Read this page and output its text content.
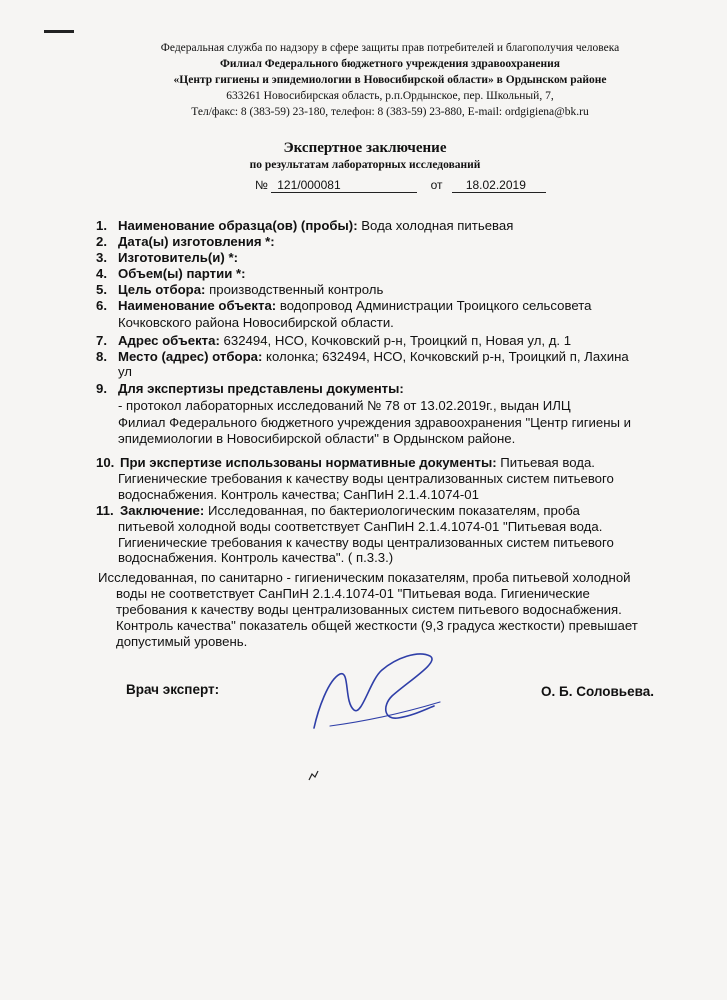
Федеральная служба по надзору в сфере защиты прав потребителей и благополучия человека
Филиал Федерального бюджетного учреждения здравоохранения
«Центр гигиены и эпидемиологии в Новосибирской области» в Ордынском районе
633261 Новосибирская область, р.п.Ордынское, пер. Школьный, 7,
Тел/факс: 8 (383-59) 23-180, телефон: 8 (383-59) 23-880, E-mail: ordgigiena@bk.ru
Экспертное заключение
по результатам лабораторных исследований
№ 121/000081	от 18.02.2019
1. Наименование образца(ов) (пробы): Вода холодная питьевая
2. Дата(ы) изготовления *:
3. Изготовитель(и) *:
4. Объем(ы) партии *:
5. Цель отбора: производственный контроль
6. Наименование объекта: водопровод Администрации Троицкого сельсовета
Кочковского района Новосибирской области.
7. Адрес объекта: 632494, НСО, Кочковский р-н, Троицкий п, Новая ул, д. 1
8. Место (адрес) отбора: колонка; 632494, НСО, Кочковский р-н, Троицкий п, Лахина
ул
9. Для экспертизы представлены документы:
- протокол лабораторных исследований № 78 от 13.02.2019г., выдан ИЛЦ
Филиал Федерального бюджетного учреждения здравоохранения "Центр гигиены и
эпидемиологии в Новосибирской области" в Ордынском районе.
10. При экспертизе использованы нормативные документы: Питьевая вода.
Гигиенические требования к качеству воды централизованных систем питьевого
водоснабжения. Контроль качества; СанПиН 2.1.4.1074-01
11. Заключение: Исследованная, по бактериологическим показателям, проба
питьевой холодной воды соответствует СанПиН 2.1.4.1074-01 "Питьевая вода.
Гигиенические требования к качеству воды централизованных систем питьевого
водоснабжения. Контроль качества". ( п.3.3.)
Исследованная, по санитарно - гигиеническим показателям, проба питьевой холодной
воды не соответствует СанПиН 2.1.4.1074-01 "Питьевая вода. Гигиенические
требования к качеству воды централизованных систем питьевого водоснабжения.
Контроль качества" показатель общей жесткости (9,3 градуса жесткости) превышает
допустимый уровень.
Врач эксперт:	О. Б. Соловьева.
